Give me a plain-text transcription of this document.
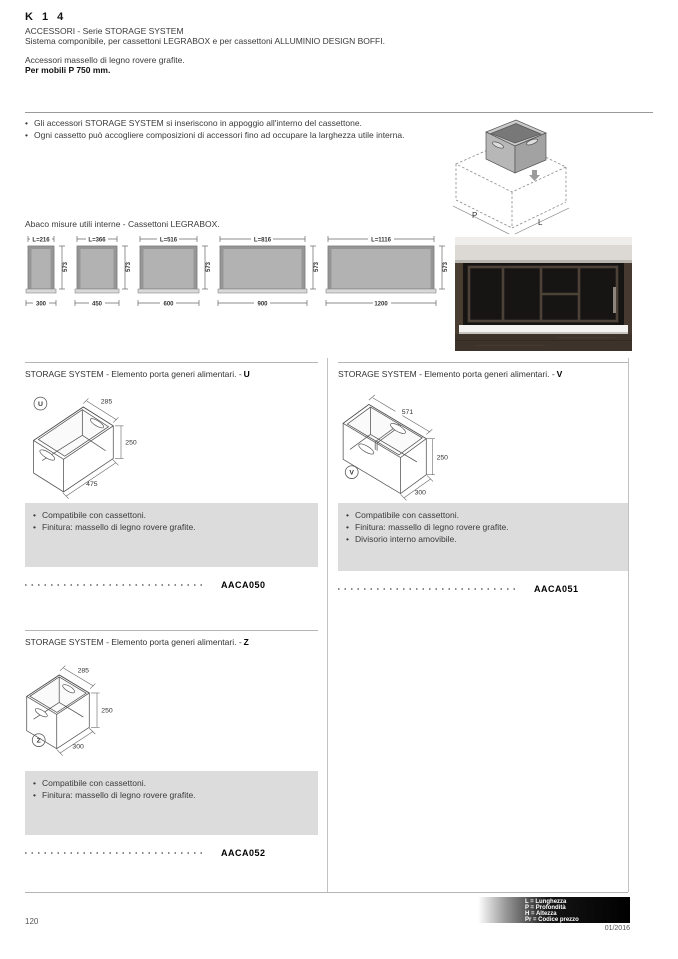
K 1 4
ACCESSORI - Serie STORAGE SYSTEM
Sistema componibile, per cassettoni LEGRABOX e per cassettoni ALLUMINIO DESIGN BOFFI.
Accessori massello di legno rovere grafite.
Per mobili P 750 mm.
• Gli accessori STORAGE SYSTEM si inseriscono in appoggio all'interno del cassettone.
• Ogni cassetto può accogliere composizioni di accessori fino ad occupare la larghezza utile interna.
P
L
Abaco misure utili interne - Cassettoni LEGRABOX.
L=216
573
300
L=366
573
450
L=516
573
600
L=816
573
900
L=1116
573
1200
STORAGE SYSTEM - Elemento porta generi alimentari. - U
U	285
250
475
• Compatibile con cassettoni.
• Finitura: massello di legno rovere grafite.
AACA050
STORAGE SYSTEM - Elemento porta generi alimentari. - V
V
571
250
300
• Compatibile con cassettoni.
• Finitura: massello di legno rovere grafite.
• Divisorio interno amovibile.
AACA051
STORAGE SYSTEM - Elemento porta generi alimentari. - Z
Z
285
250
300
• Compatibile con cassettoni.
• Finitura: massello di legno rovere grafite.
AACA052
120
L = Lunghezza
P = Profondità
H = Altezza
Pr = Codice prezzo
01/2016
